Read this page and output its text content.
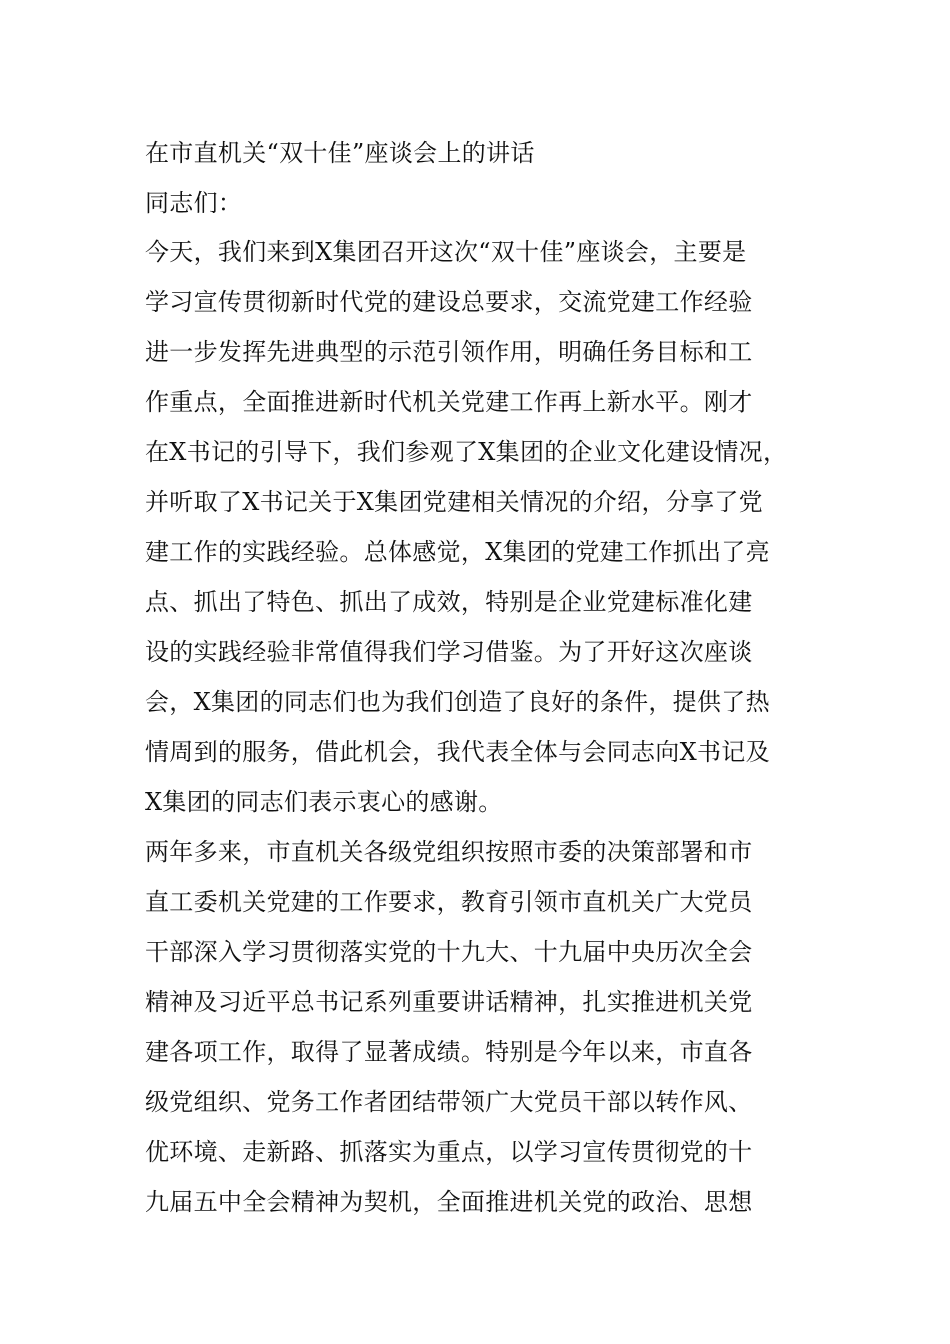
在市直机关“双十佳”座谈会上的讲话
同志们：
今天，我们来到X集团召开这次“双十佳”座谈会，主要是
学习宣传贯彻新时代党的建设总要求，交流党建工作经验
进一步发挥先进典型的示范引领作用，明确任务目标和工
作重点，全面推进新时代机关党建工作再上新水平。刚才
在X书记的引导下，我们参观了X集团的企业文化建设情况，
并听取了X书记关于X集团党建相关情况的介绍，分享了党
建工作的实践经验。总体感觉，X集团的党建工作抓出了亮
点、抓出了特色、抓出了成效，特别是企业党建标准化建
设的实践经验非常值得我们学习借鉴。为了开好这次座谈
会，X集团的同志们也为我们创造了良好的条件，提供了热
情周到的服务，借此机会，我代表全体与会同志向X书记及
X集团的同志们表示衷心的感谢。
两年多来，市直机关各级党组织按照市委的决策部署和市
直工委机关党建的工作要求，教育引领市直机关广大党员
干部深入学习贯彻落实党的十九大、十九届中央历次全会
精神及习近平总书记系列重要讲话精神，扎实推进机关党
建各项工作，取得了显著成绩。特别是今年以来，市直各
级党组织、党务工作者团结带领广大党员干部以转作风、
优环境、走新路、抓落实为重点，以学习宣传贯彻党的十
九届五中全会精神为契机，全面推进机关党的政治、思想
